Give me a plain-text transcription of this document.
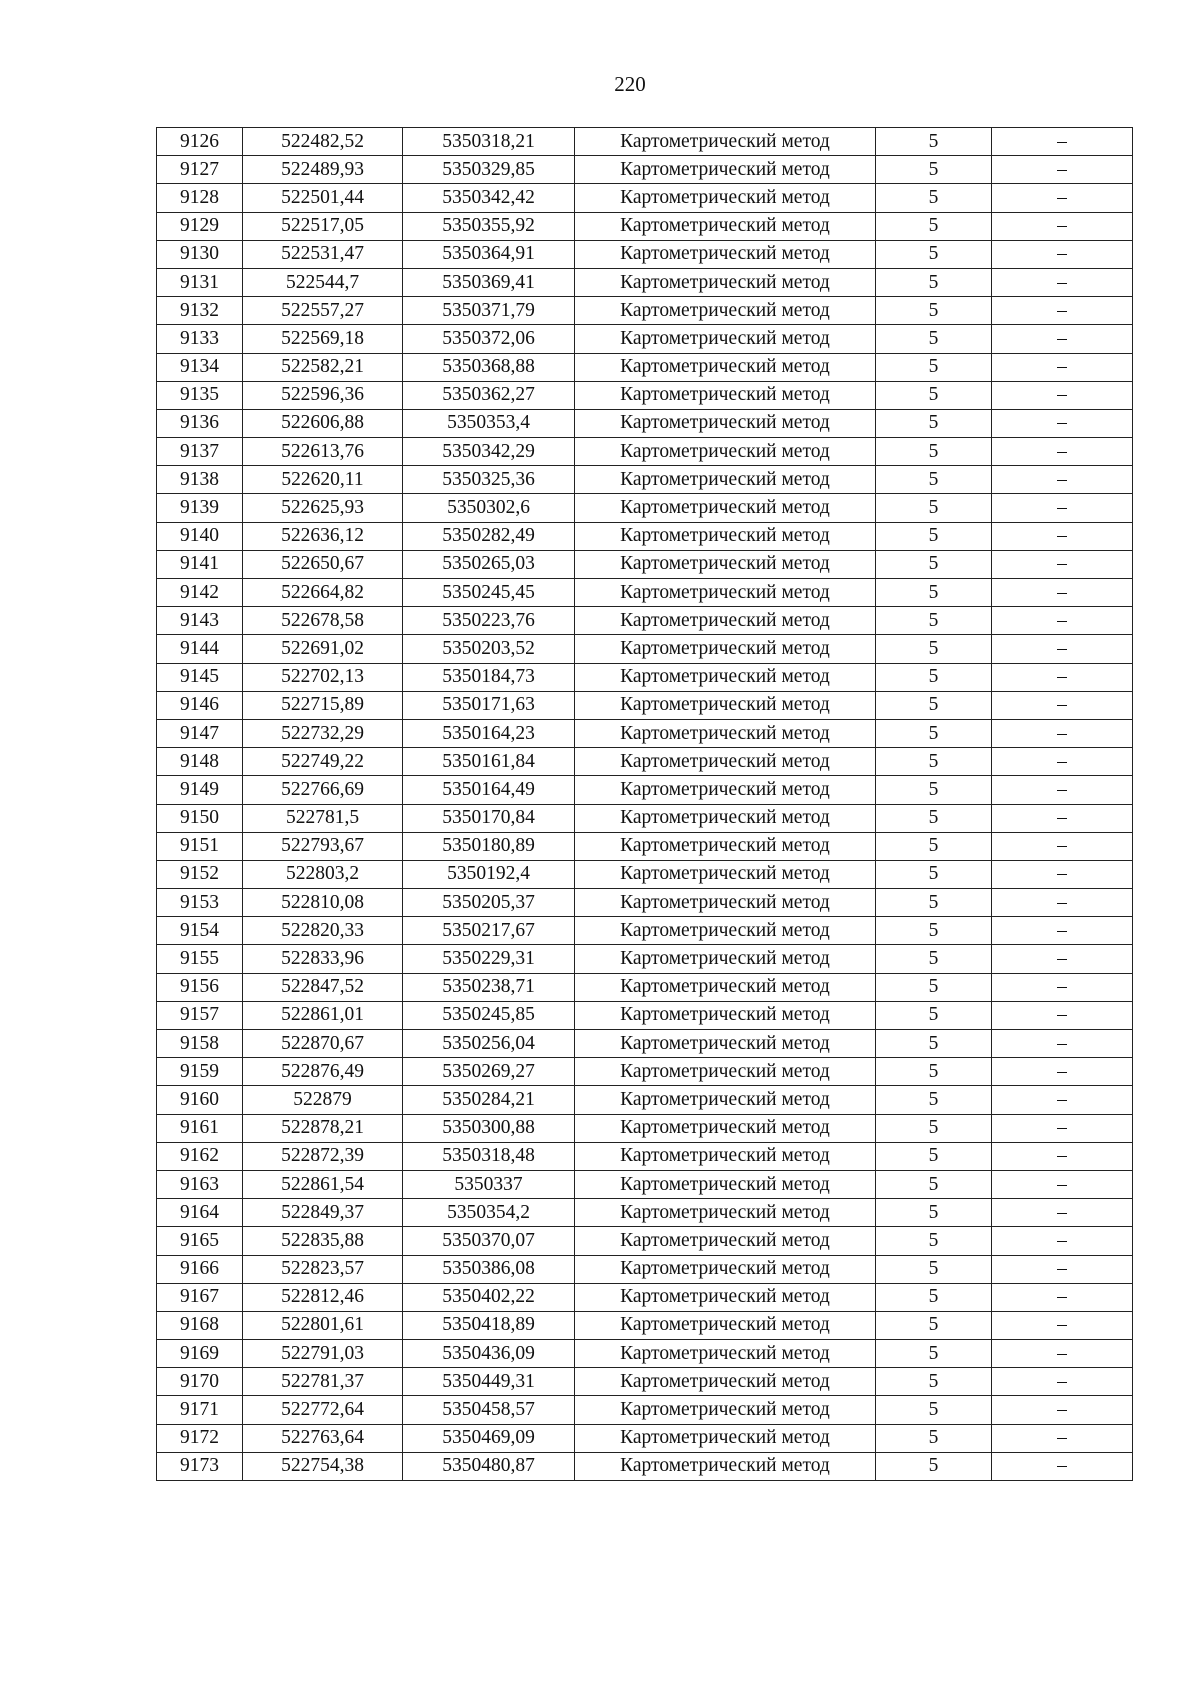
220
9126	522482,52	5350318,21	Картометрический метод	5	–
9127	522489,93	5350329,85	Картометрический метод	5	–
9128	522501,44	5350342,42	Картометрический метод	5	–
9129	522517,05	5350355,92	Картометрический метод	5	–
9130	522531,47	5350364,91	Картометрический метод	5	–
9131	522544,7	5350369,41	Картометрический метод	5	–
9132	522557,27	5350371,79	Картометрический метод	5	–
9133	522569,18	5350372,06	Картометрический метод	5	–
9134	522582,21	5350368,88	Картометрический метод	5	–
9135	522596,36	5350362,27	Картометрический метод	5	–
9136	522606,88	5350353,4	Картометрический метод	5	–
9137	522613,76	5350342,29	Картометрический метод	5	–
9138	522620,11	5350325,36	Картометрический метод	5	–
9139	522625,93	5350302,6	Картометрический метод	5	–
9140	522636,12	5350282,49	Картометрический метод	5	–
9141	522650,67	5350265,03	Картометрический метод	5	–
9142	522664,82	5350245,45	Картометрический метод	5	–
9143	522678,58	5350223,76	Картометрический метод	5	–
9144	522691,02	5350203,52	Картометрический метод	5	–
9145	522702,13	5350184,73	Картометрический метод	5	–
9146	522715,89	5350171,63	Картометрический метод	5	–
9147	522732,29	5350164,23	Картометрический метод	5	–
9148	522749,22	5350161,84	Картометрический метод	5	–
9149	522766,69	5350164,49	Картометрический метод	5	–
9150	522781,5	5350170,84	Картометрический метод	5	–
9151	522793,67	5350180,89	Картометрический метод	5	–
9152	522803,2	5350192,4	Картометрический метод	5	–
9153	522810,08	5350205,37	Картометрический метод	5	–
9154	522820,33	5350217,67	Картометрический метод	5	–
9155	522833,96	5350229,31	Картометрический метод	5	–
9156	522847,52	5350238,71	Картометрический метод	5	–
9157	522861,01	5350245,85	Картометрический метод	5	–
9158	522870,67	5350256,04	Картометрический метод	5	–
9159	522876,49	5350269,27	Картометрический метод	5	–
9160	522879	5350284,21	Картометрический метод	5	–
9161	522878,21	5350300,88	Картометрический метод	5	–
9162	522872,39	5350318,48	Картометрический метод	5	–
9163	522861,54	5350337	Картометрический метод	5	–
9164	522849,37	5350354,2	Картометрический метод	5	–
9165	522835,88	5350370,07	Картометрический метод	5	–
9166	522823,57	5350386,08	Картометрический метод	5	–
9167	522812,46	5350402,22	Картометрический метод	5	–
9168	522801,61	5350418,89	Картометрический метод	5	–
9169	522791,03	5350436,09	Картометрический метод	5	–
9170	522781,37	5350449,31	Картометрический метод	5	–
9171	522772,64	5350458,57	Картометрический метод	5	–
9172	522763,64	5350469,09	Картометрический метод	5	–
9173	522754,38	5350480,87	Картометрический метод	5	–
